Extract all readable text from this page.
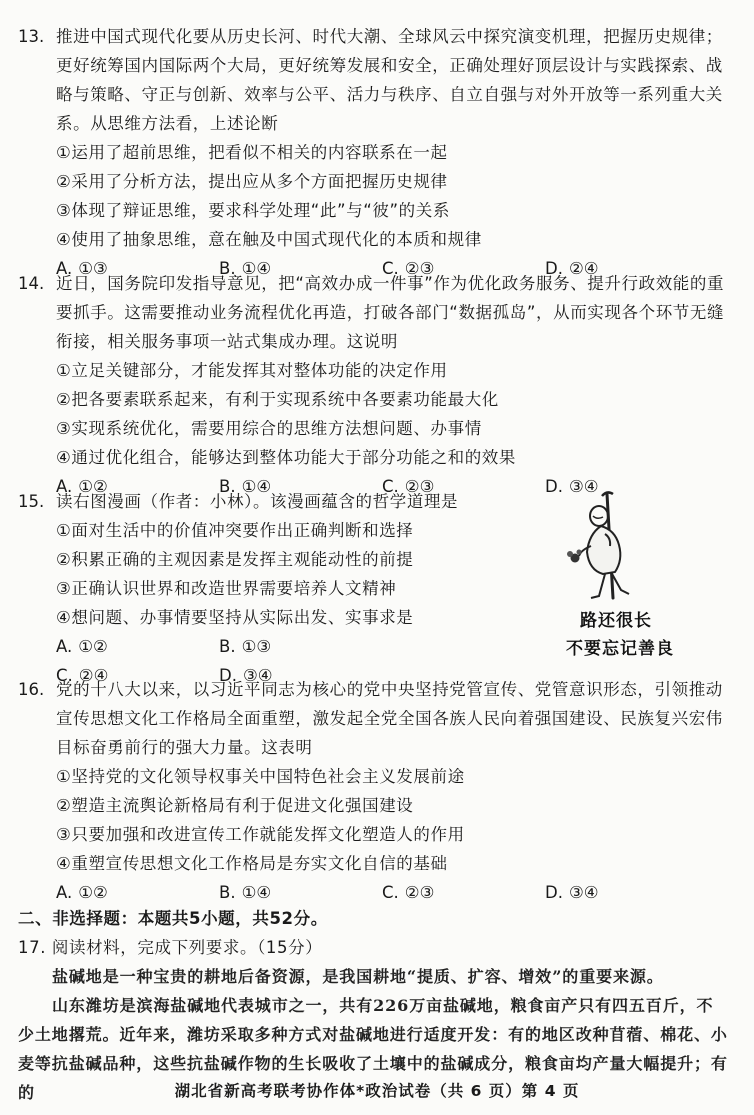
13. 推进中国式现代化要从历史长河、时代大潮、全球风云中探究演变机理，把握历史规律；更好统筹国内国际两个大局，更好统筹发展和安全，正确处理好顶层设计与实践探索、战略与策略、守正与创新、效率与公平、活力与秩序、自立自强与对外开放等一系列重大关系。从思维方法看，上述论断
①运用了超前思维，把看似不相关的内容联系在一起
②采用了分析方法，提出应从多个方面把握历史规律
③体现了辩证思维，要求科学处理“此”与“彼”的关系
④使用了抽象思维，意在触及中国式现代化的本质和规律
A. ①③	B. ①④	C. ②③	D. ②④
14. 近日，国务院印发指导意见，把“高效办成一件事”作为优化政务服务、提升行政效能的重要抓手。这需要推动业务流程优化再造，打破各部门“数据孤岛”，从而实现各个环节无缝衔接，相关服务事项一站式集成办理。这说明
①立足关键部分，才能发挥其对整体功能的决定作用
②把各要素联系起来，有利于实现系统中各要素功能最大化
③实现系统优化，需要用综合的思维方法想问题、办事情
④通过优化组合，能够达到整体功能大于部分功能之和的效果
A. ①②	B. ①④	C. ②③	D. ③④
15. 读右图漫画（作者：小林）。该漫画蕴含的哲学道理是
①面对生活中的价值冲突要作出正确判断和选择
②积累正确的主观因素是发挥主观能动性的前提
③正确认识世界和改造世界需要培养人文精神
④想问题、办事情要坚持从实际出发、实事求是
A. ①②	B. ①③
C. ②④	D. ③④
路还很长
不要忘记善良
16. 党的十八大以来，以习近平同志为核心的党中央坚持党管宣传、党管意识形态，引领推动宣传思想文化工作格局全面重塑，激发起全党全国各族人民向着强国建设、民族复兴宏伟目标奋勇前行的强大力量。这表明
①坚持党的文化领导权事关中国特色社会主义发展前途
②塑造主流舆论新格局有利于促进文化强国建设
③只要加强和改进宣传工作就能发挥文化塑造人的作用
④重塑宣传思想文化工作格局是夯实文化自信的基础
A. ①②	B. ①④	C. ②③	D. ③④
二、非选择题：本题共5小题，共52分。
17. 阅读材料，完成下列要求。（15分）
盐碱地是一种宝贵的耕地后备资源，是我国耕地“提质、扩容、增效”的重要来源。
山东潍坊是滨海盐碱地代表城市之一，共有226万亩盐碱地，粮食亩产只有四五百斤，不少土地撂荒。近年来，潍坊采取多种方式对盐碱地进行适度开发：有的地区改种苜蓿、棉花、小麦等抗盐碱品种，这些抗盐碱作物的生长吸收了土壤中的盐碱成分，粮食亩均产量大幅提升；有的	湖北省新高考联考协作体*政治试卷（共 6 页）第 4 页
